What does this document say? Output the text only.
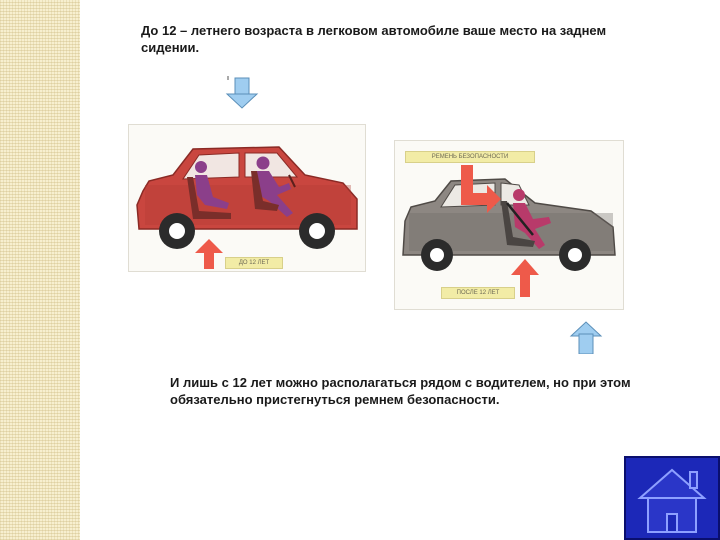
До 12 – летнего возраста в легковом автомобиле ваше место на заднем сидении.
ДО 12 ЛЕТ
РЕМЕНЬ БЕЗОПАСНОСТИ
ПОСЛЕ 12 ЛЕТ
И лишь с 12 лет можно располагаться рядом с водителем, но при этом обязательно пристегнуться ремнем безопасности.
